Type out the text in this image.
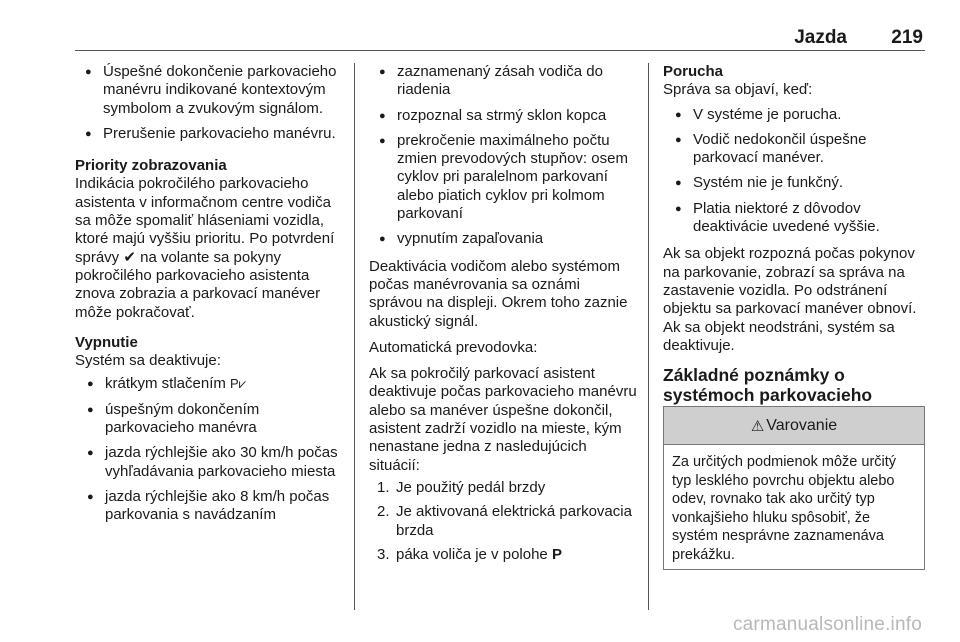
Jazda 219
● Úspešné dokončenie parkovacieho manévru indikované kontextovým symbolom a zvukovým signálom.
● Prerušenie parkovacieho manévru.

Priority zobrazovania

Indikácia pokročilého parkovacieho asistenta v informačnom centre vodiča sa môže spomaliť hláseniami vozidla, ktoré majú vyššiu prioritu. Po potvrdení správy ✔ na volante sa pokyny pokročilého parkovacieho asistenta znova zobrazia a parkovací manéver môže pokračovať.

Vypnutie

Systém sa deaktivuje:

● krátkym stlačením P⩗
● úspešným dokončením parkovacieho manévra
● jazda rýchlejšie ako 30 km/h počas vyhľadávania parkovacieho miesta
● jazda rýchlejšie ako 8 km/h počas parkovania s navádzaním
● zaznamenaný zásah vodiča do riadenia
● rozpoznal sa strmý sklon kopca
● prekročenie maximálneho počtu zmien prevodových stupňov: osem cyklov pri paralelnom parkovaní alebo piatich cyklov pri kolmom parkovaní
● vypnutím zapaľovania

Deaktivácia vodičom alebo systémom počas manévrovania sa oznámi správou na displeji. Okrem toho zaznie akustický signál.

Automatická prevodovka:

Ak sa pokročilý parkovací asistent deaktivuje počas parkovacieho manévru alebo sa manéver úspešne dokončil, asistent zadrží vozidlo na mieste, kým nenastane jedna z nasledujúcich situácií:

1. Je použitý pedál brzdy
2. Je aktivovaná elektrická parkovacia brzda
3. páka voliča je v polohe P

Porucha

Správa sa objaví, keď:

● V systéme je porucha.
● Vodič nedokončil úspešne parkovací manéver.
● Systém nie je funkčný.
● Platia niektoré z dôvodov deaktivácie uvedené vyššie.

Ak sa objekt rozpozná počas pokynov na parkovanie, zobrazí sa správa na zastavenie vozidla. Po odstránení objektu sa parkovací manéver obnoví. Ak sa objekt neodstráni, systém sa deaktivuje.

Základné poznámky o systémoch parkovacieho
⚠ Varovanie
Za určitých podmienok môže určitý typ lesklého povrchu objektu alebo odev, rovnako tak ako určitý typ vonkajšieho hluku spôsobiť, že systém nesprávne zaznamenáva prekážku.
carmanualsonline.info
